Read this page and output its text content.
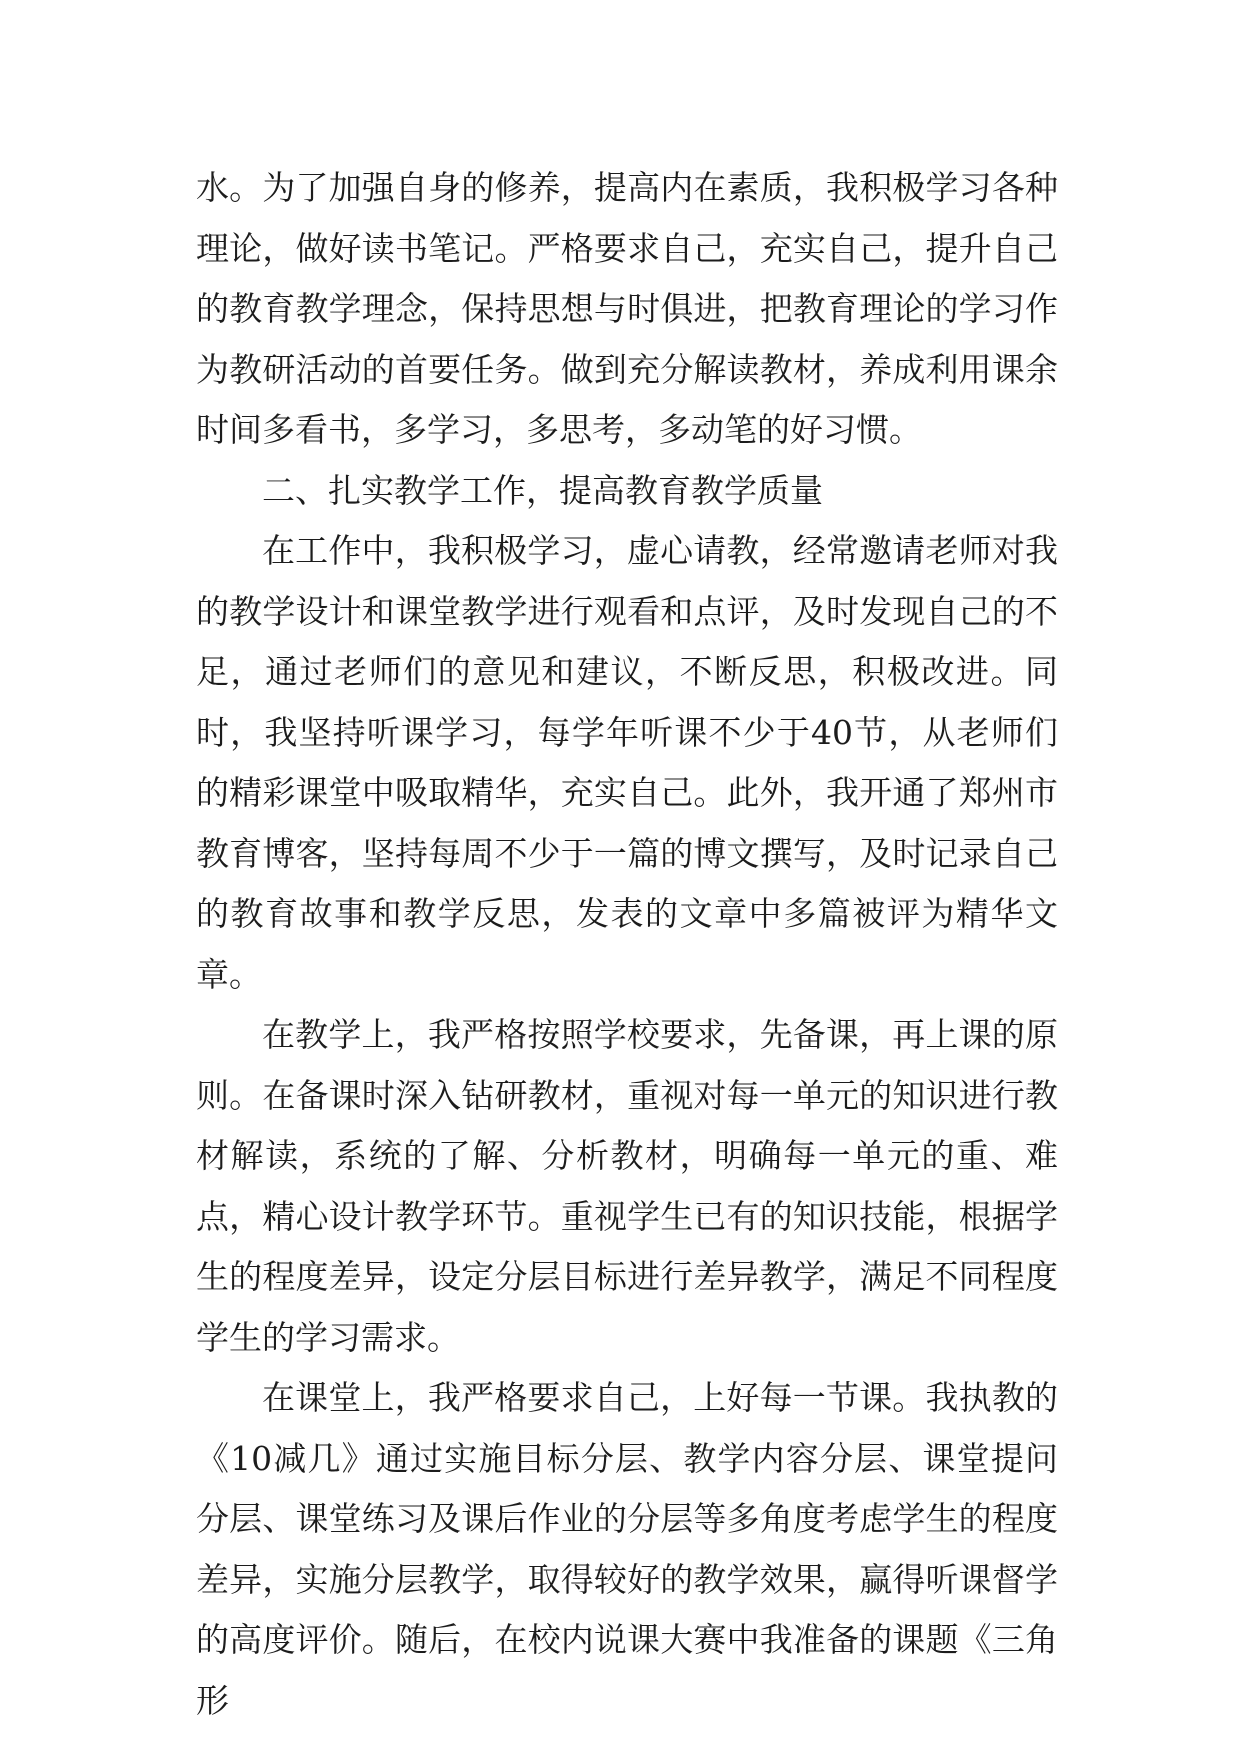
水。为了加强自身的修养，提高内在素质，我积极学习各种理论，做好读书笔记。严格要求自己，充实自己，提升自己的教育教学理念，保持思想与时俱进，把教育理论的学习作为教研活动的首要任务。做到充分解读教材，养成利用课余时间多看书，多学习，多思考，多动笔的好习惯。

二、扎实教学工作，提高教育教学质量

在工作中，我积极学习，虚心请教，经常邀请老师对我的教学设计和课堂教学进行观看和点评，及时发现自己的不足，通过老师们的意见和建议，不断反思，积极改进。同时，我坚持听课学习，每学年听课不少于40节，从老师们的精彩课堂中吸取精华，充实自己。此外，我开通了郑州市教育博客，坚持每周不少于一篇的博文撰写，及时记录自己的教育故事和教学反思，发表的文章中多篇被评为精华文章。

在教学上，我严格按照学校要求，先备课，再上课的原则。在备课时深入钻研教材，重视对每一单元的知识进行教材解读，系统的了解、分析教材，明确每一单元的重、难点，精心设计教学环节。重视学生已有的知识技能，根据学生的程度差异，设定分层目标进行差异教学，满足不同程度学生的学习需求。

在课堂上，我严格要求自己，上好每一节课。我执教的《10减几》通过实施目标分层、教学内容分层、课堂提问分层、课堂练习及课后作业的分层等多角度考虑学生的程度差异，实施分层教学，取得较好的教学效果，赢得听课督学的高度评价。随后，在校内说课大赛中我准备的课题《三角形
